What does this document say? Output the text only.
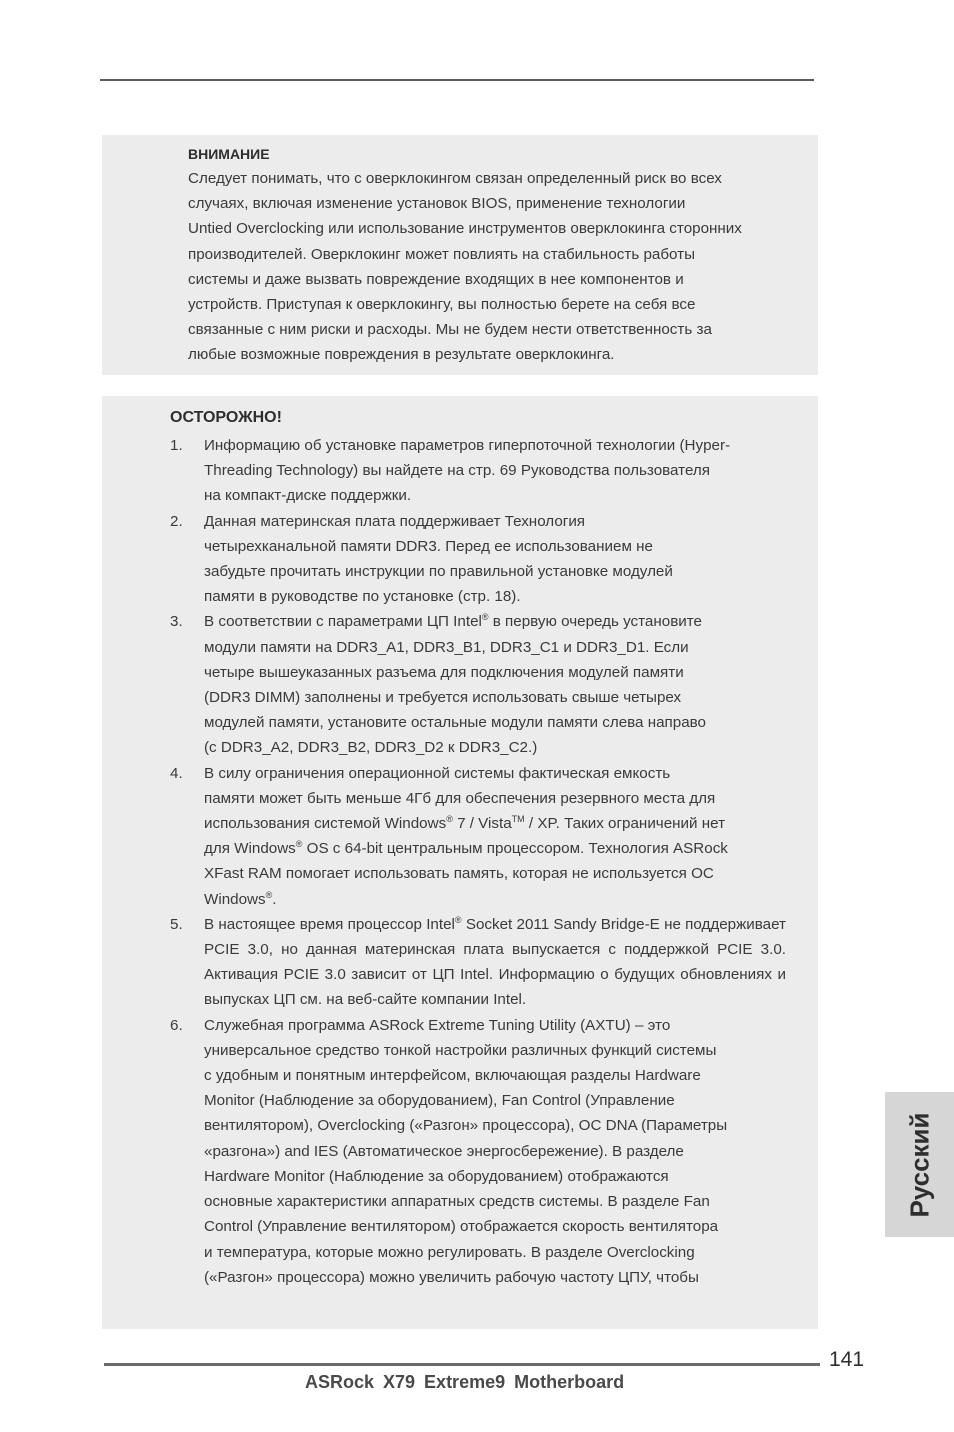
ВНИМАНИЕ
Следует понимать, что с оверклокингом связан определенный риск во всех
случаях, включая изменение установок BIOS, применение технологии
Untied Overclocking или использование инструментов оверклокинга сторонних
производителей. Оверклокинг может повлиять на стабильность работы
системы и даже вызвать повреждение входящих в нее компонентов и
устройств. Приступая к оверклокингу, вы полностью берете на себя все
связанные с ним риски и расходы. Мы не будем нести ответственность за
любые возможные повреждения в результате оверклокинга.
ОСТОРОЖНО!
1. Информацию об установке параметров гиперпоточной технологии (Hyper-
Threading Technology) вы найдете на стр. 69 Руководства пользователя
на компакт-диске поддержки.
2. Данная материнская плата поддерживает Технология
четырехканальной памяти DDR3. Перед ее использованием не
забудьте прочитать инструкции по правильной установке модулей
памяти в руководстве по установке (стр. 18).
3. В соответствии с параметрами ЦП Intel® в первую очередь установите
модули памяти на DDR3_A1, DDR3_B1, DDR3_C1 и DDR3_D1. Если
четыре вышеуказанных разъема для подключения модулей памяти
(DDR3 DIMM) заполнены и требуется использовать свыше четырех
модулей памяти, установите остальные модули памяти слева направо
(с DDR3_A2, DDR3_B2, DDR3_D2 к DDR3_C2.)
4. В силу ограничения операционной системы фактическая емкость
памяти может быть меньше 4Гб для обеспечения резервного места для
использования системой Windows® 7 / Vista™ / XP. Таких ограничений нет
для Windows® OS с 64-bit центральным процессором. Технология ASRock
XFast RAM помогает использовать память, которая не используется ОС
Windows®.
5. В настоящее время процессор Intel® Socket 2011 Sandy Bridge-E не поддерживает PCIE 3.0, но данная материнская плата выпускается с поддержкой PCIE 3.0. Активация PCIE 3.0 зависит от ЦП Intel. Информацию о будущих обновлениях и выпусках ЦП см. на веб-сайте компании Intel.
6. Служебная программа ASRock Extreme Tuning Utility (AXTU) – это
универсальное средство тонкой настройки различных функций системы
с удобным и понятным интерфейсом, включающая разделы Hardware
Monitor (Наблюдение за оборудованием), Fan Control (Управление
вентилятором), Overclocking («Разгон» процессора), OC DNA (Параметры
«разгона») and IES (Автоматическое энергосбережение). В разделе
Hardware Monitor (Наблюдение за оборудованием) отображаются
основные характеристики аппаратных средств системы. В разделе Fan
Control (Управление вентилятором) отображается скорость вентилятора
и температура, которые можно регулировать. В разделе Overclocking
(«Разгон» процессора) можно увеличить рабочую частоту ЦПУ, чтобы
Русский
141
ASRock X79 Extreme9 Motherboard
